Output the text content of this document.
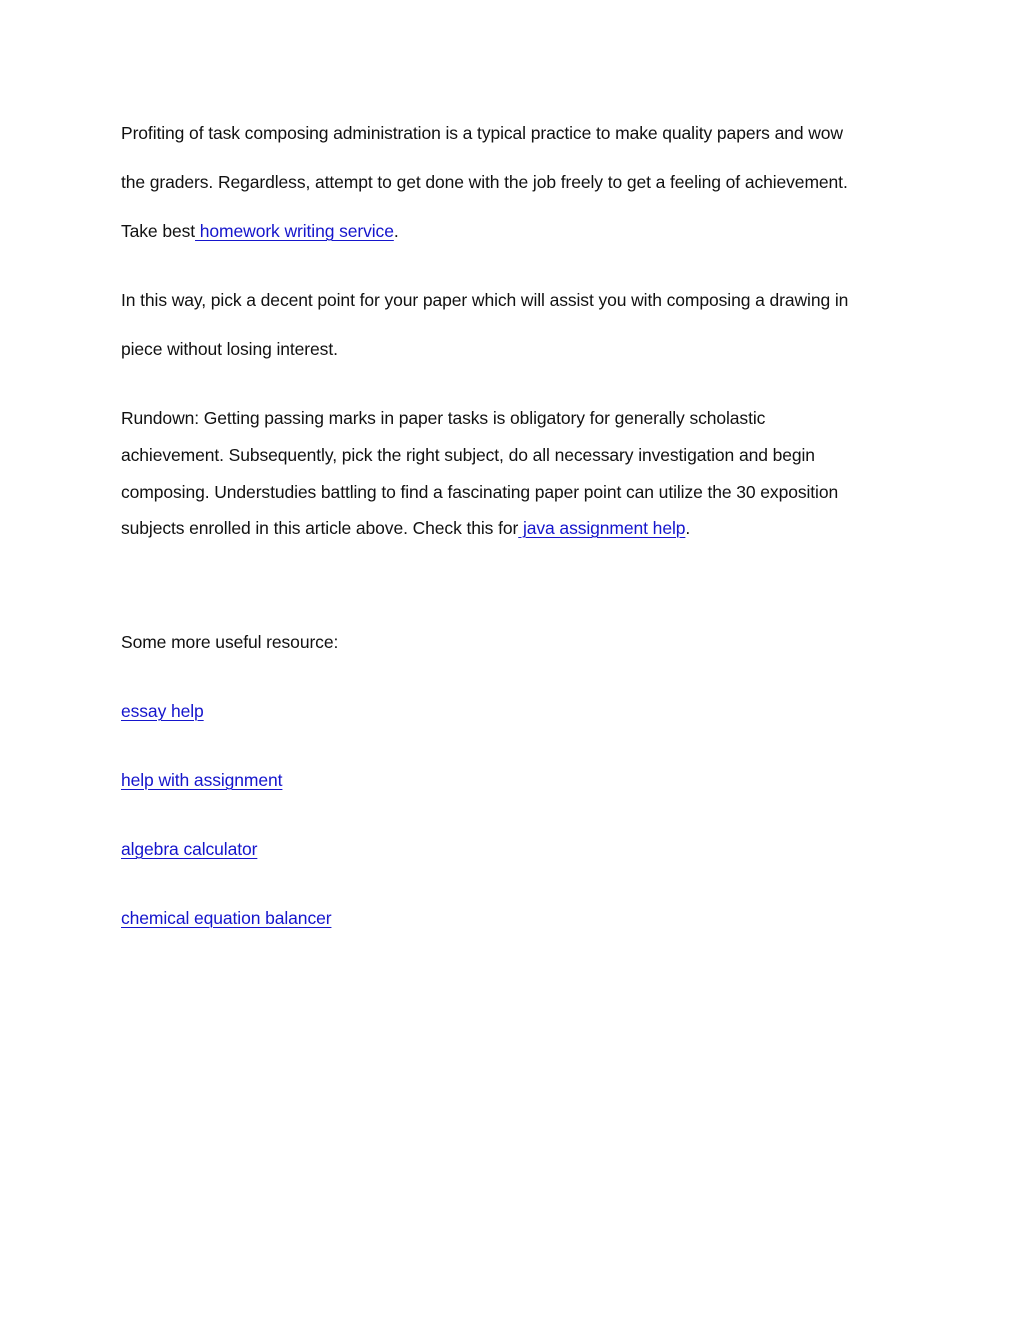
Profiting of task composing administration is a typical practice to make quality papers and wow
the graders. Regardless, attempt to get done with the job freely to get a feeling of achievement.
Take best homework writing service.
In this way, pick a decent point for your paper which will assist you with composing a drawing in
piece without losing interest.
Rundown: Getting passing marks in paper tasks is obligatory for generally scholastic
achievement. Subsequently, pick the right subject, do all necessary investigation and begin
composing. Understudies battling to find a fascinating paper point can utilize the 30 exposition
subjects enrolled in this article above. Check this for java assignment help.
Some more useful resource:
essay help
help with assignment
algebra calculator
chemical equation balancer
